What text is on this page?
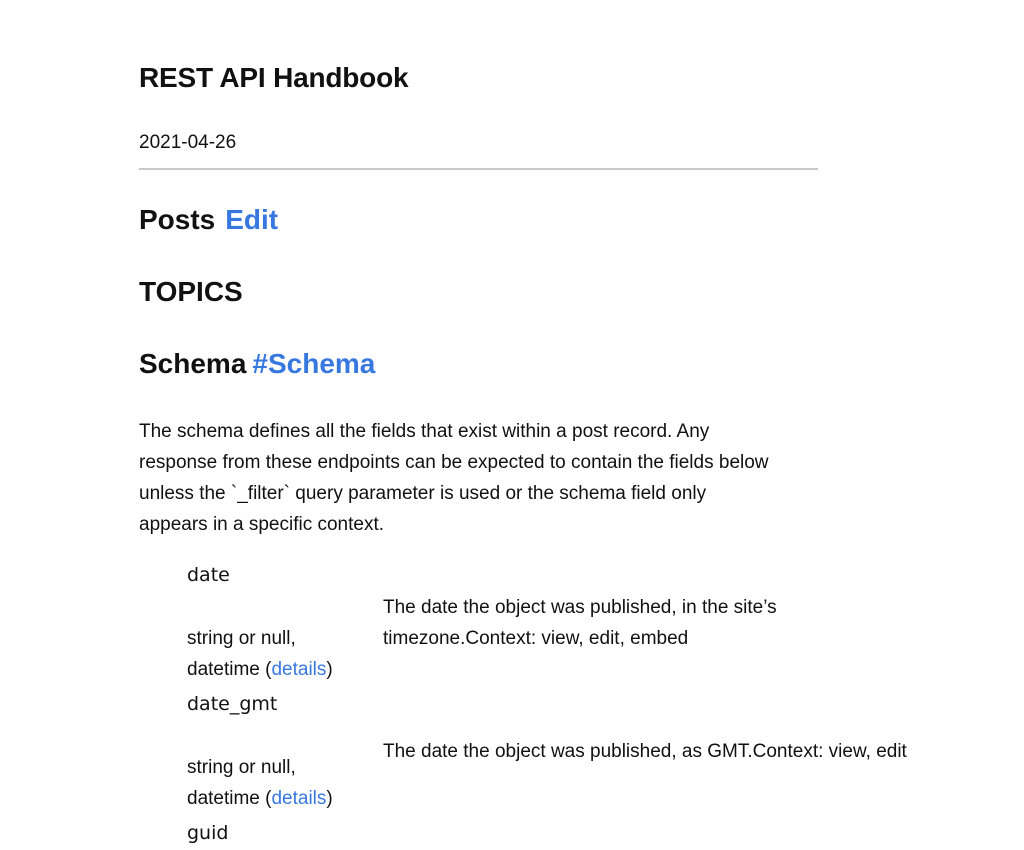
REST API Handbook
2021-04-26
Posts Edit
TOPICS
Schema #Schema

The schema defines all the fields that exist within a post record. Any
response from these endpoints can be expected to contain the fields below
unless the `_filter` query parameter is used or the schema field only
appears in a specific context.

date
The date the object was published, in the site’s
timezone.Context: view, edit, embed
string or null,
datetime (details)
date_gmt
The date the object was published, as GMT.Context: view, edit
string or null,
datetime (details)
guid
